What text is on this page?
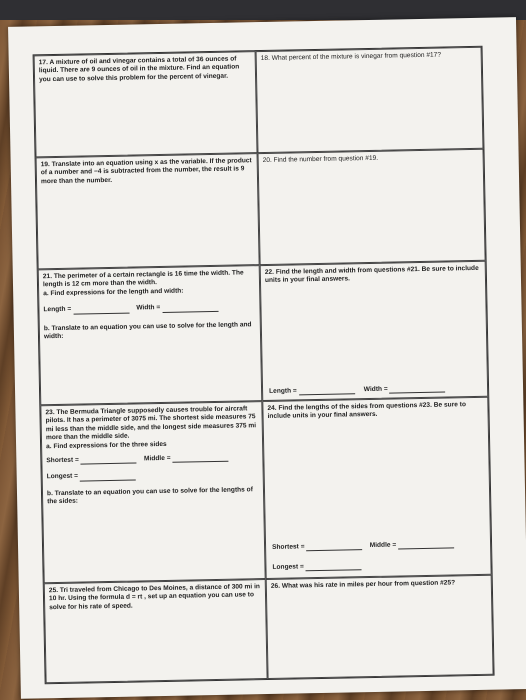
17. A mixture of oil and vinegar contains a total of 36 ounces of liquid. There are 9 ounces of oil in the mixture. Find an equation you can use to solve this problem for the percent of vinegar.
18. What percent of the mixture is vinegar from question #17?
19. Translate into an equation using x as the variable. If the product of a number and −4 is subtracted from the number, the result is 9 more than the number.
20. Find the number from question #19.
21. The perimeter of a certain rectangle is 16 time the width. The length is 12 cm more than the width.
a. Find expressions for the length and width:
Length =	Width =
b. Translate to an equation you can use to solve for the length and width:
22. Find the length and width from questions #21. Be sure to include units in your final answers.
Length =	Width =
23. The Bermuda Triangle supposedly causes trouble for aircraft pilots. It has a perimeter of 3075 mi. The shortest side measures 75 mi less than the middle side, and the longest side measures 375 mi more than the middle side.
a. Find expressions for the three sides
Shortest =	Middle =
Longest =
b. Translate to an equation you can use to solve for the lengths of the sides:
24. Find the lengths of the sides from questions #23. Be sure to include units in your final answers.
Shortest =	Middle =
Longest =
25. Tri traveled from Chicago to Des Moines, a distance of 300 mi in 10 hr. Using the formula d = rt , set up an equation you can use to solve for his rate of speed.
26. What was his rate in miles per hour from question #25?
